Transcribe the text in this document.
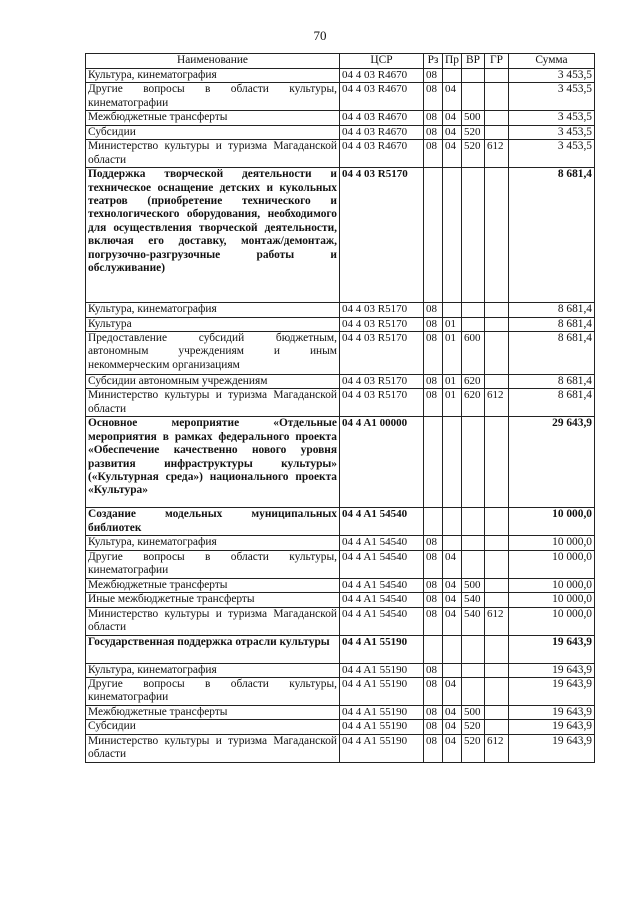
70
Наименование	ЦСР	Рз	Пр	ВР	ГР	Сумма
Культура, кинематография	04 4 03 R4670	08				3 453,5
Другие вопросы в области культуры, кинематографии	04 4 03 R4670	08	04			3 453,5
Межбюджетные трансферты	04 4 03 R4670	08	04	500		3 453,5
Субсидии	04 4 03 R4670	08	04	520		3 453,5
Министерство культуры и туризма Магаданской области	04 4 03 R4670	08	04	520	612	3 453,5
Поддержка творческой деятельности и техническое оснащение детских и кукольных театров (приобретение технического и технологического оборудования, необходимого для осуществления творческой деятельности, включая его доставку, монтаж/демонтаж, погрузочно-разгрузочные работы и обслуживание)	04 4 03 R5170					8 681,4
Культура, кинематография	04 4 03 R5170	08				8 681,4
Культура	04 4 03 R5170	08	01			8 681,4
Предоставление субсидий бюджетным, автономным учреждениям и иным некоммерческим организациям	04 4 03 R5170	08	01	600		8 681,4
Субсидии автономным учреждениям	04 4 03 R5170	08	01	620		8 681,4
Министерство культуры и туризма Магаданской области	04 4 03 R5170	08	01	620	612	8 681,4
Основное мероприятие «Отдельные мероприятия в рамках федерального проекта «Обеспечение качественно нового уровня развития инфраструктуры культуры» («Культурная среда») национального проекта «Культура»	04 4 A1 00000					29 643,9
Создание модельных муниципальных библиотек	04 4 A1 54540					10 000,0
Культура, кинематография	04 4 A1 54540	08				10 000,0
Другие вопросы в области культуры, кинематографии	04 4 A1 54540	08	04			10 000,0
Межбюджетные трансферты	04 4 A1 54540	08	04	500		10 000,0
Иные межбюджетные трансферты	04 4 A1 54540	08	04	540		10 000,0
Министерство культуры и туризма Магаданской области	04 4 A1 54540	08	04	540	612	10 000,0
Государственная поддержка отрасли культуры	04 4 A1 55190					19 643,9
Культура, кинематография	04 4 A1 55190	08				19 643,9
Другие вопросы в области культуры, кинематографии	04 4 A1 55190	08	04			19 643,9
Межбюджетные трансферты	04 4 A1 55190	08	04	500		19 643,9
Субсидии	04 4 A1 55190	08	04	520		19 643,9
Министерство культуры и туризма Магаданской области	04 4 A1 55190	08	04	520	612	19 643,9
